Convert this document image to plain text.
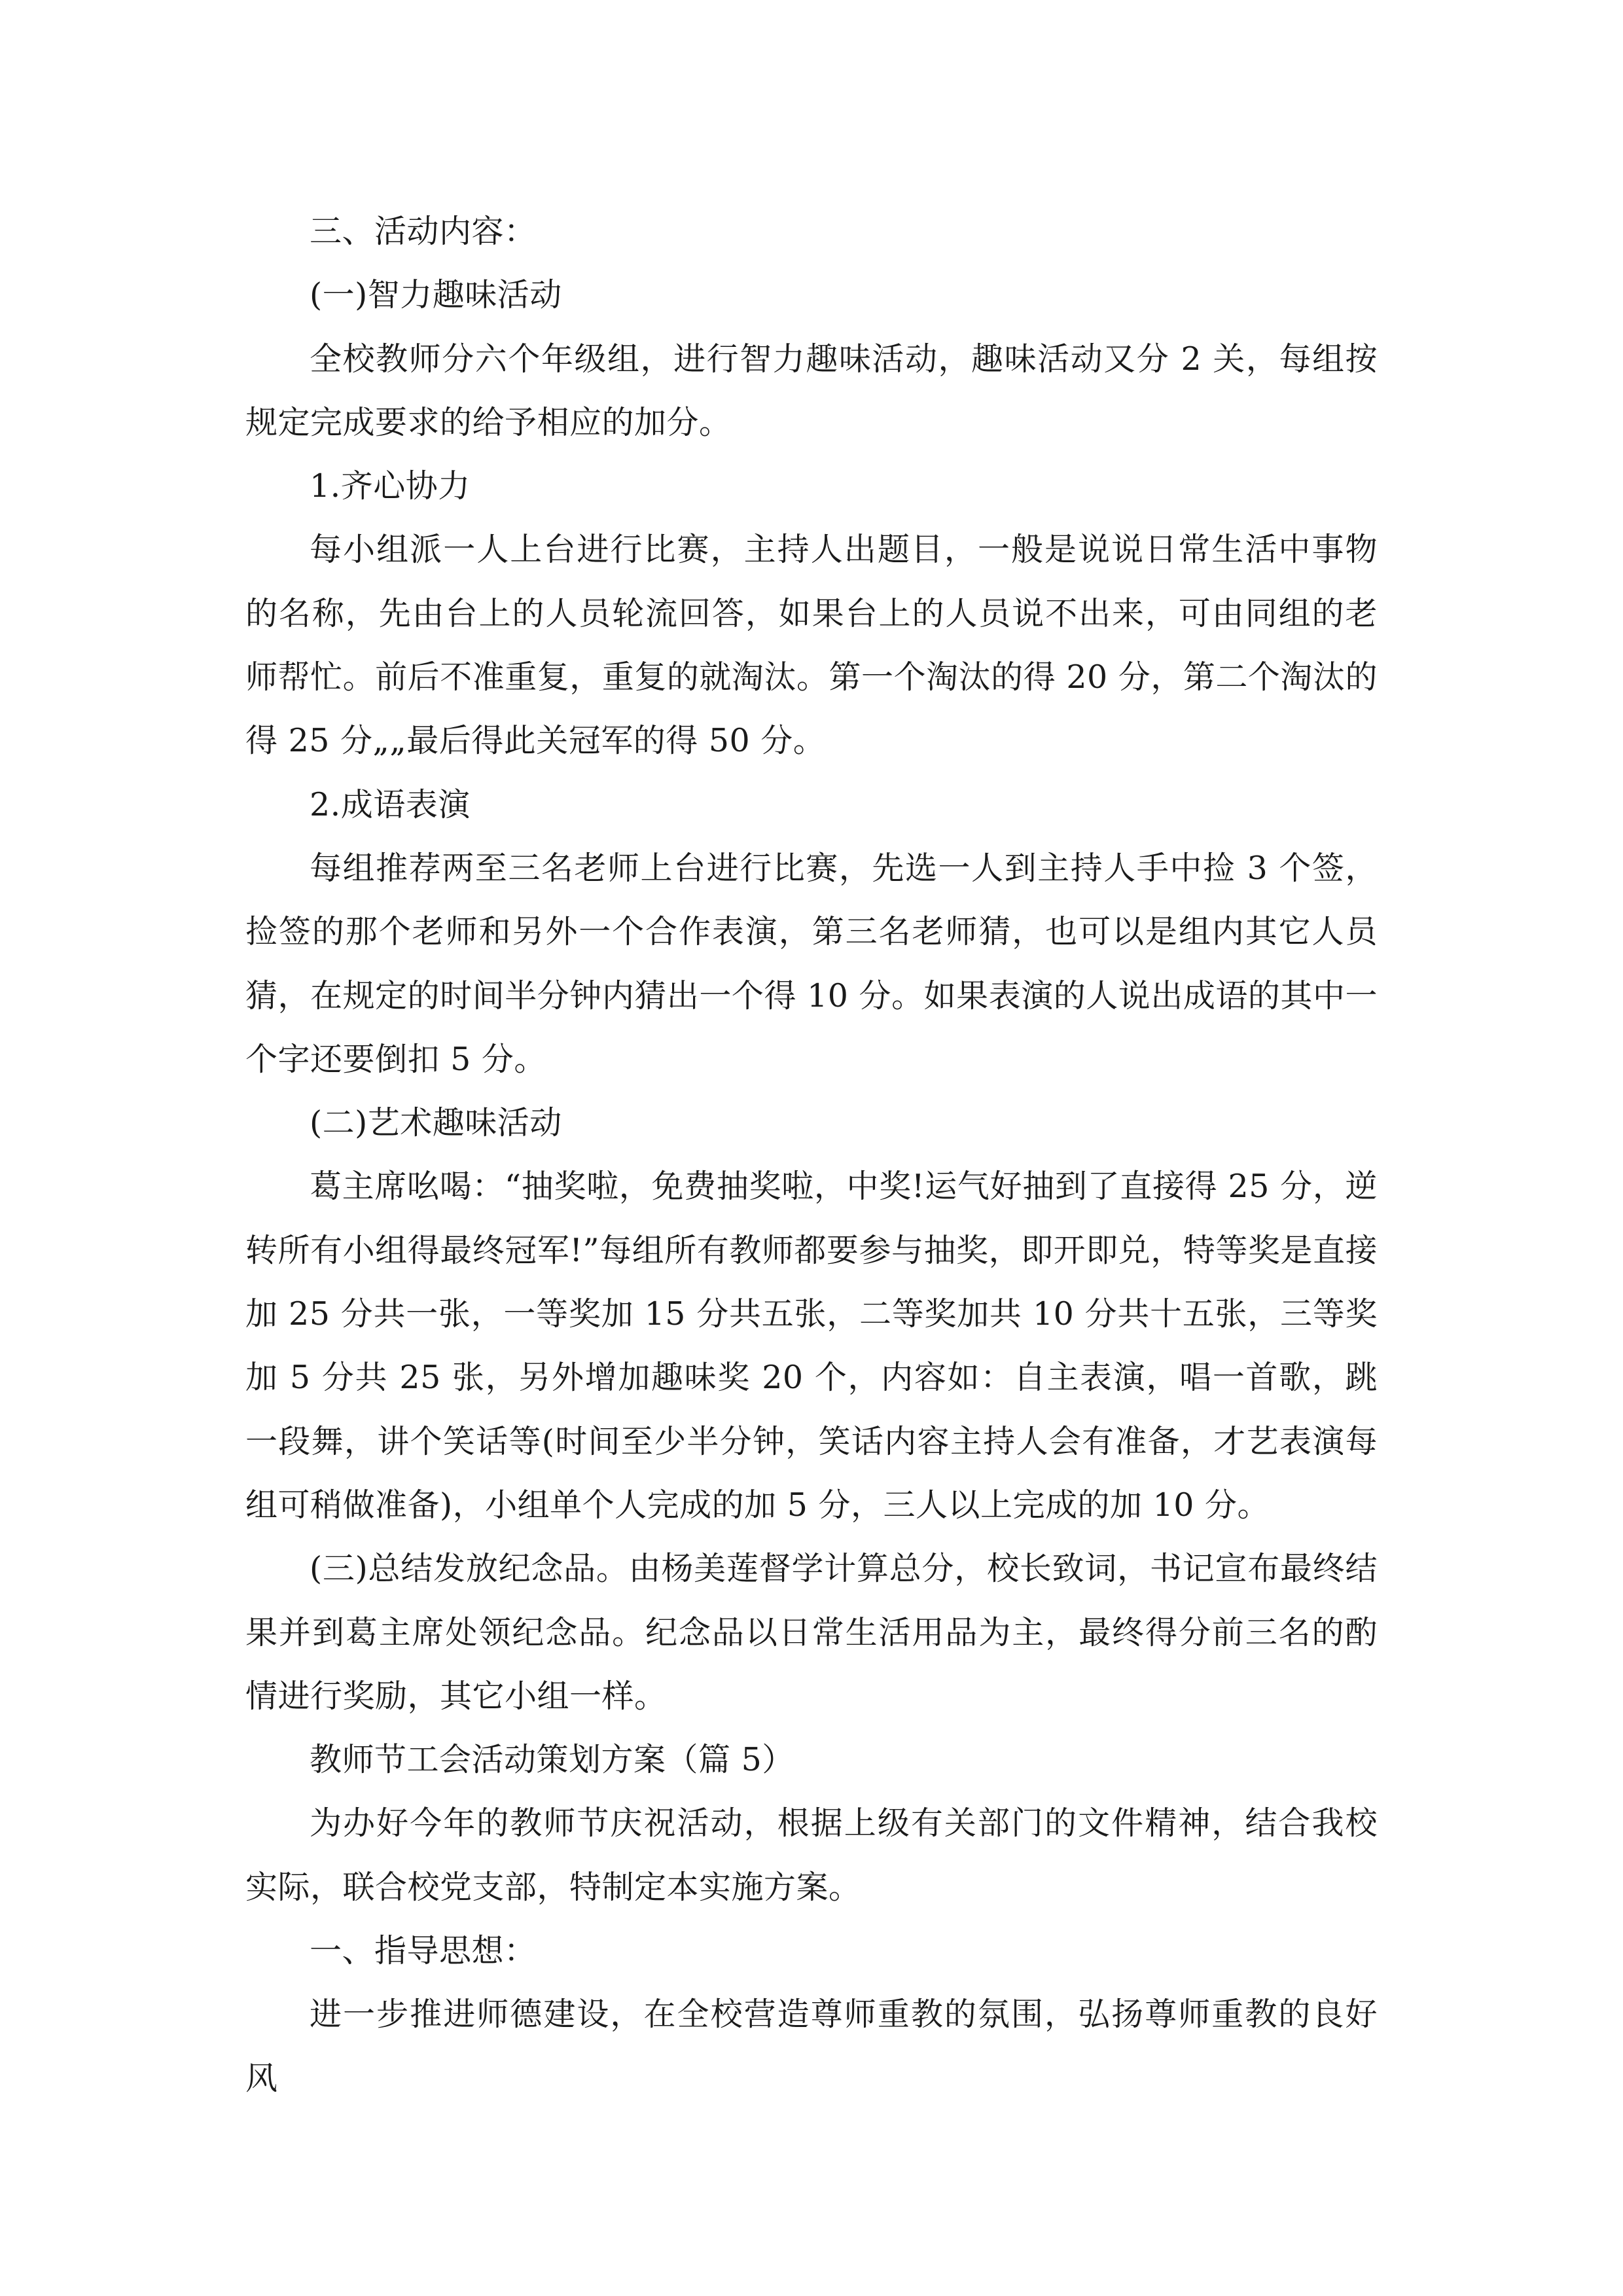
三、活动内容：

(一)智力趣味活动

全校教师分六个年级组，进行智力趣味活动，趣味活动又分 2 关，每组按规定完成要求的给予相应的加分。

1.齐心协力

每小组派一人上台进行比赛，主持人出题目，一般是说说日常生活中事物的名称，先由台上的人员轮流回答，如果台上的人员说不出来，可由同组的老师帮忙。前后不准重复，重复的就淘汰。第一个淘汰的得 20 分，第二个淘汰的得 25 分„„最后得此关冠军的得 50 分。

2.成语表演

每组推荐两至三名老师上台进行比赛，先选一人到主持人手中捡 3 个签，捡签的那个老师和另外一个合作表演，第三名老师猜，也可以是组内其它人员猜，在规定的时间半分钟内猜出一个得 10 分。如果表演的人说出成语的其中一个字还要倒扣 5 分。

(二)艺术趣味活动

葛主席吆喝：“抽奖啦，免费抽奖啦，中奖!运气好抽到了直接得 25 分，逆转所有小组得最终冠军!”每组所有教师都要参与抽奖，即开即兑，特等奖是直接加 25 分共一张，一等奖加 15 分共五张，二等奖加共 10 分共十五张，三等奖加 5 分共 25 张，另外增加趣味奖 20 个，内容如：自主表演，唱一首歌，跳一段舞，讲个笑话等(时间至少半分钟，笑话内容主持人会有准备，才艺表演每组可稍做准备)，小组单个人完成的加 5 分，三人以上完成的加 10 分。

(三)总结发放纪念品。由杨美莲督学计算总分，校长致词，书记宣布最终结果并到葛主席处领纪念品。纪念品以日常生活用品为主，最终得分前三名的酌情进行奖励，其它小组一样。

教师节工会活动策划方案（篇 5）

为办好今年的教师节庆祝活动，根据上级有关部门的文件精神，结合我校实际，联合校党支部，特制定本实施方案。

一、指导思想：

进一步推进师德建设，在全校营造尊师重教的氛围，弘扬尊师重教的良好风
